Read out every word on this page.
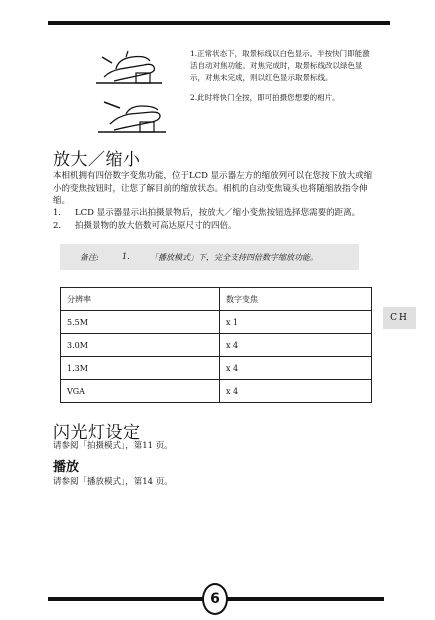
1.正常状态下，取景标线以白色显示。半按快门即能激活自动对焦功能。对焦完成时，取景标线改以绿色显示，对焦未完成，则以红色显示取景标线。
2.此时将快门全按，即可拍摄您想要的相片。
放大／缩小
本相机拥有四倍数字变焦功能，位于LCD 显示器左方的缩放列可以在您按下放大或缩小的变焦按钮时，让您了解目前的缩放状态。相机的自动变焦镜头也将随缩放指令伸缩。
1. LCD 显示器显示出拍摄景物后，按放大／缩小变焦按钮选择您需要的距离。
2. 拍摄景物的放大倍数可高达原尺寸的四倍。
备注:	1.	「播放模式」下，完全支持四倍数字缩放功能。
分辨率	数字变焦
5.5M	x 1
3.0M	x 4
1.3M	x 4
VGA	x 4
CH
闪光灯设定
请参阅「拍摄模式」，第11 页。
播放
请参阅「播放模式」，第14 页。
6
